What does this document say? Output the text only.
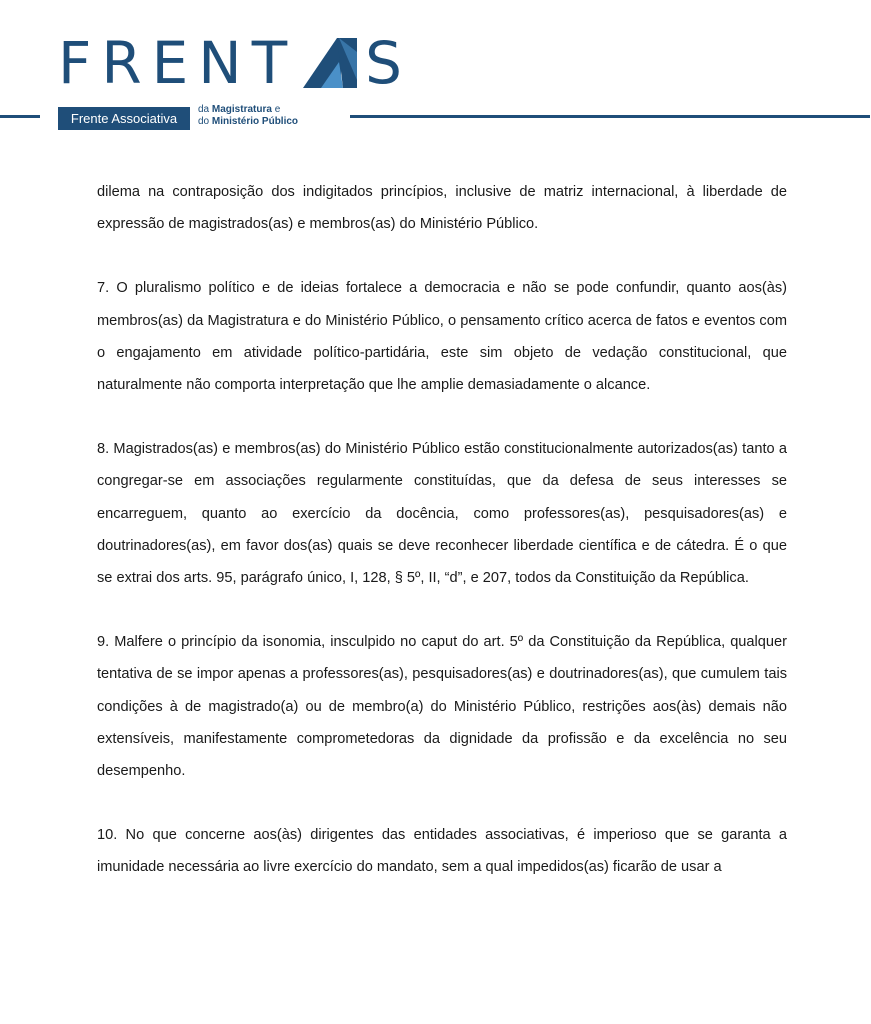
FRENT S
Frente Associativa
da Magistratura e
do Ministério Público

dilema na contraposição dos indigitados princípios, inclusive de matriz internacional, à liberdade de expressão de magistrados(as) e membros(as) do Ministério Público.

7. O pluralismo político e de ideias fortalece a democracia e não se pode confundir, quanto aos(às) membros(as) da Magistratura e do Ministério Público, o pensamento crítico acerca de fatos e eventos com o engajamento em atividade político-partidária, este sim objeto de vedação constitucional, que naturalmente não comporta interpretação que lhe amplie demasiadamente o alcance.

8. Magistrados(as) e membros(as) do Ministério Público estão constitucionalmente autorizados(as) tanto a congregar-se em associações regularmente constituídas, que da defesa de seus interesses se encarreguem, quanto ao exercício da docência, como professores(as), pesquisadores(as) e doutrinadores(as), em favor dos(as) quais se deve reconhecer liberdade científica e de cátedra. É o que se extrai dos arts. 95, parágrafo único, I, 128, § 5º, II, “d”, e 207, todos da Constituição da República.

9. Malfere o princípio da isonomia, insculpido no caput do art. 5º da Constituição da República, qualquer tentativa de se impor apenas a professores(as), pesquisadores(as) e doutrinadores(as), que cumulem tais condições à de magistrado(a) ou de membro(a) do Ministério Público, restrições aos(às) demais não extensíveis, manifestamente comprometedoras da dignidade da profissão e da excelência no seu desempenho.

10. No que concerne aos(às) dirigentes das entidades associativas, é imperioso que se garanta a imunidade necessária ao livre exercício do mandato, sem a qual impedidos(as) ficarão de usar a
